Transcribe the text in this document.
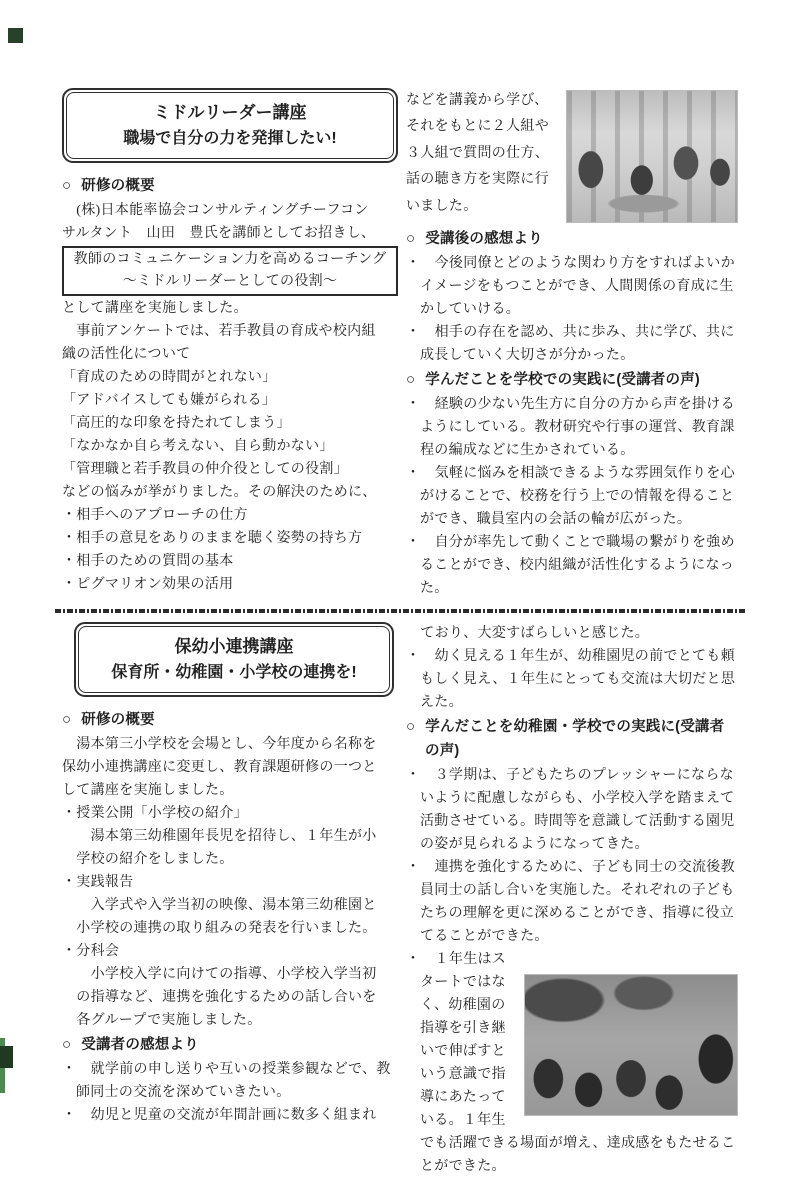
ミドルリーダー講座
職場で自分の力を発揮したい!
○ 研修の概要
　(株)日本能率協会コンサルティングチーフコン
サルタント　山田　豊氏を講師としてお招きし、
教師のコミュニケーション力を高めるコーチング
〜ミドルリーダーとしての役割〜
として講座を実施しました。
　事前アンケートでは、若手教員の育成や校内組
織の活性化について
「育成のための時間がとれない」
「アドバイスしても嫌がられる」
「高圧的な印象を持たれてしまう」
「なかなか自ら考えない、自ら動かない」
「管理職と若手教員の仲介役としての役割」
などの悩みが挙がりました。その解決のために、
・相手へのアプローチの仕方
・相手の意見をありのままを聴く姿勢の持ち方
・相手のための質問の基本
・ピグマリオン効果の活用
などを講義から学び、
それをもとに２人組や
３人組で質問の仕方、
話の聴き方を実際に行
いました。
○ 受講後の感想より
・　今後同僚とどのような関わり方をすればよいかイメージをもつことができ、人間関係の育成に生かしていける。
・　相手の存在を認め、共に歩み、共に学び、共に成長していく大切さが分かった。
○ 学んだことを学校での実践に(受講者の声)
・　経験の少ない先生方に自分の方から声を掛けるようにしている。教材研究や行事の運営、教育課程の編成などに生かされている。
・　気軽に悩みを相談できるような雰囲気作りを心がけることで、校務を行う上での情報を得ることができ、職員室内の会話の輪が広がった。
・　自分が率先して動くことで職場の繋がりを強めることができ、校内組織が活性化するようになった。
保幼小連携講座
保育所・幼稚園・小学校の連携を!
○ 研修の概要
　湯本第三小学校を会場とし、今年度から名称を
保幼小連携講座に変更し、教育課題研修の一つと
して講座を実施しました。
・授業公開「小学校の紹介」
　　湯本第三幼稚園年長児を招待し、１年生が小
　学校の紹介をしました。
・実践報告
　　入学式や入学当初の映像、湯本第三幼稚園と
　小学校の連携の取り組みの発表を行いました。
・分科会
　　小学校入学に向けての指導、小学校入学当初
　の指導など、連携を強化するための話し合いを
　各グループで実施しました。
○ 受講者の感想より
・　就学前の申し送りや互いの授業参観などで、教師同士の交流を深めていきたい。
・　幼児と児童の交流が年間計画に数多く組まれ
　ており、大変すばらしいと感じた。
・　幼く見える１年生が、幼稚園児の前でとても頼もしく見え、１年生にとっても交流は大切だと思えた。
○ 学んだことを幼稚園・学校での実践に(受講者の声)
・　３学期は、子どもたちのプレッシャーにならないように配慮しながらも、小学校入学を踏まえて活動させている。時間等を意識して活動する園児の姿が見られるようになってきた。
・　連携を強化するために、子ども同士の交流後教員同士の話し合いを実施した。それぞれの子どもたちの理解を更に深めることができ、指導に役立てることができた。
・　１年生はスタートではなく、幼稚園の指導を引き継いで伸ばすという意識で指導にあたっている。１年生でも活躍できる場面が増え、達成感をもたせることができた。
